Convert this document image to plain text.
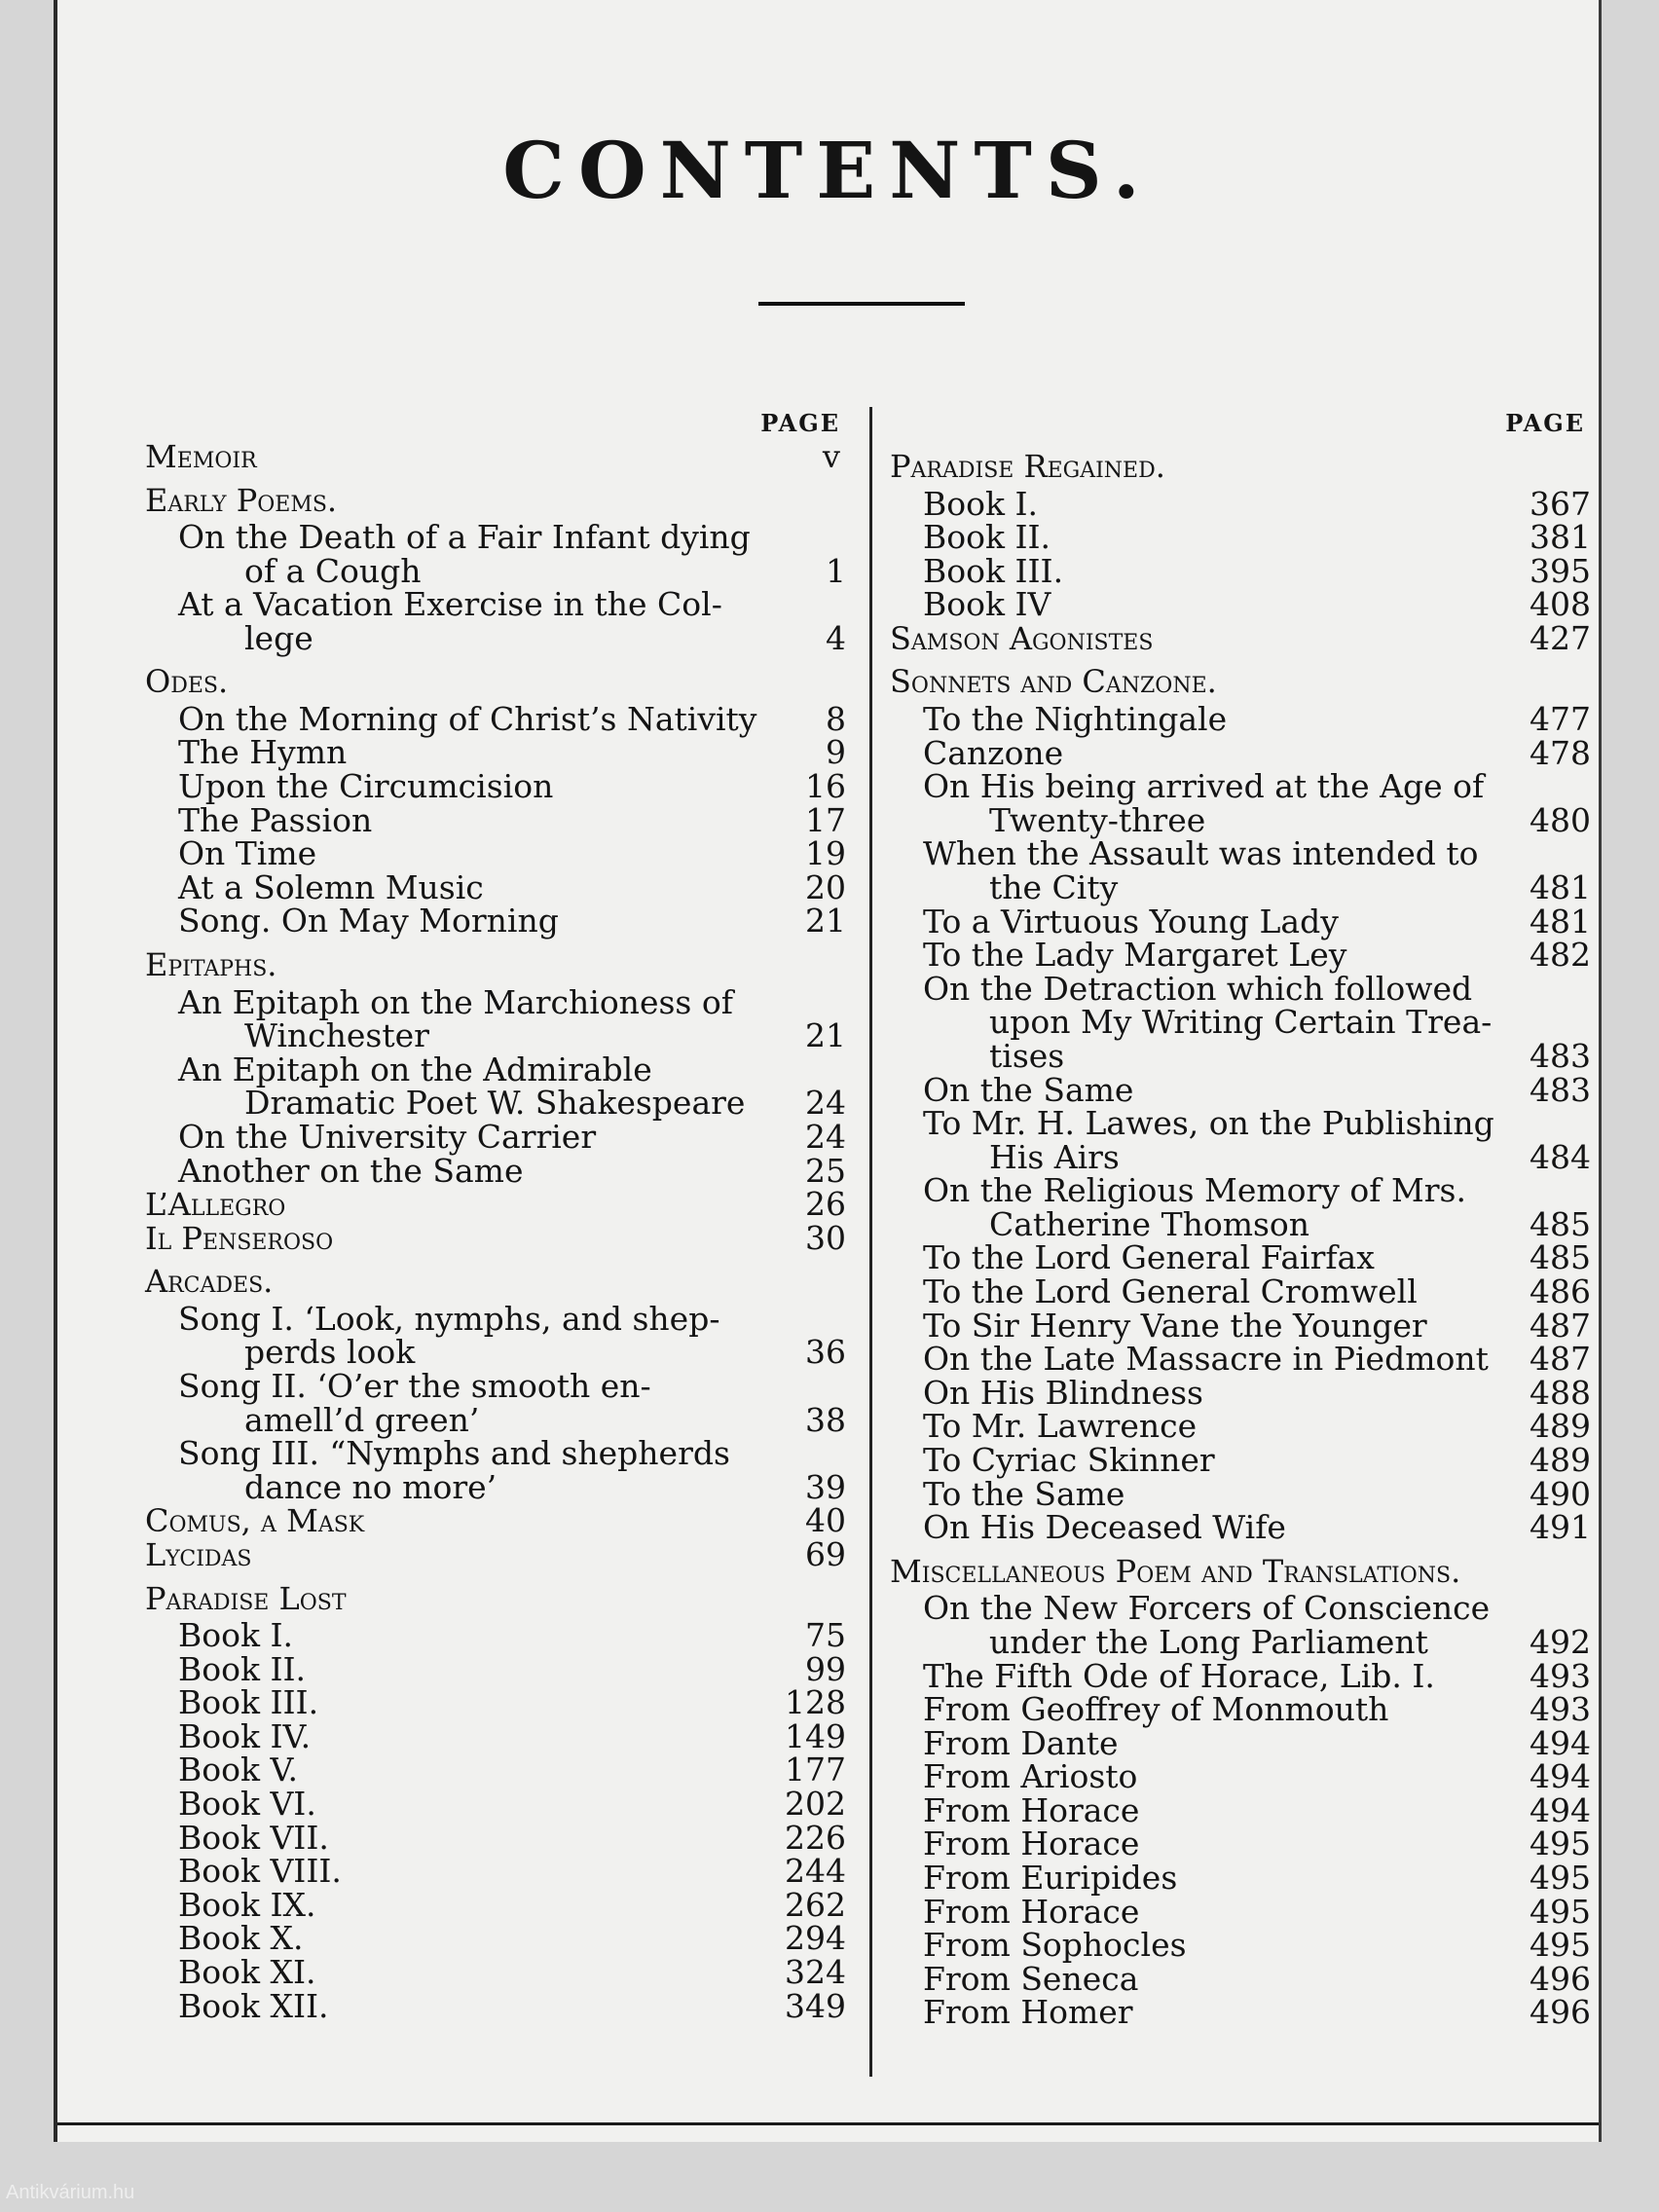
CONTENTS.
PAGE
Memoir	v
Early Poems.
On the Death of a Fair Infant dying
of a Cough	1
At a Vacation Exercise in the Col-
lege	4
Odes.
On the Morning of Christ’s Nativity	8
The Hymn	9
Upon the Circumcision	16
The Passion	17
On Time	19
At a Solemn Music	20
Song. On May Morning	21
Epitaphs.
An Epitaph on the Marchioness of
Winchester	21
An Epitaph on the Admirable
Dramatic Poet W. Shakespeare	24
On the University Carrier	24
Another on the Same	25
L’Allegro	26
Il Penseroso	30
Arcades.
Song I. ‘Look, nymphs, and shep-
perds look	36
Song II. ‘O’er the smooth en-
amell’d green’	38
Song III. “Nymphs and shepherds
dance no more’	39
Comus, a Mask	40
Lycidas	69
Paradise Lost
Book I.	75
Book II.	99
Book III.	128
Book IV.	149
Book V.	177
Book VI.	202
Book VII.	226
Book VIII.	244
Book IX.	262
Book X.	294
Book XI.	324
Book XII.	349
PAGE
Paradise Regained.
Book I.	367
Book II.	381
Book III.	395
Book IV	408
Samson Agonistes	427
Sonnets and Canzone.
To the Nightingale	477
Canzone	478
On His being arrived at the Age of
Twenty-three	480
When the Assault was intended to
the City	481
To a Virtuous Young Lady	481
To the Lady Margaret Ley	482
On the Detraction which followed
upon My Writing Certain Trea-
tises	483
On the Same	483
To Mr. H. Lawes, on the Publishing
His Airs	484
On the Religious Memory of Mrs.
Catherine Thomson	485
To the Lord General Fairfax	485
To the Lord General Cromwell	486
To Sir Henry Vane the Younger	487
On the Late Massacre in Piedmont	487
On His Blindness	488
To Mr. Lawrence	489
To Cyriac Skinner	489
To the Same	490
On His Deceased Wife	491
Miscellaneous Poem and Translations.
On the New Forcers of Conscience
under the Long Parliament	492
The Fifth Ode of Horace, Lib. I.	493
From Geoffrey of Monmouth	493
From Dante	494
From Ariosto	494
From Horace	494
From Horace	495
From Euripides	495
From Horace	495
From Sophocles	495
From Seneca	496
From Homer	496
Antikvárium.hu
